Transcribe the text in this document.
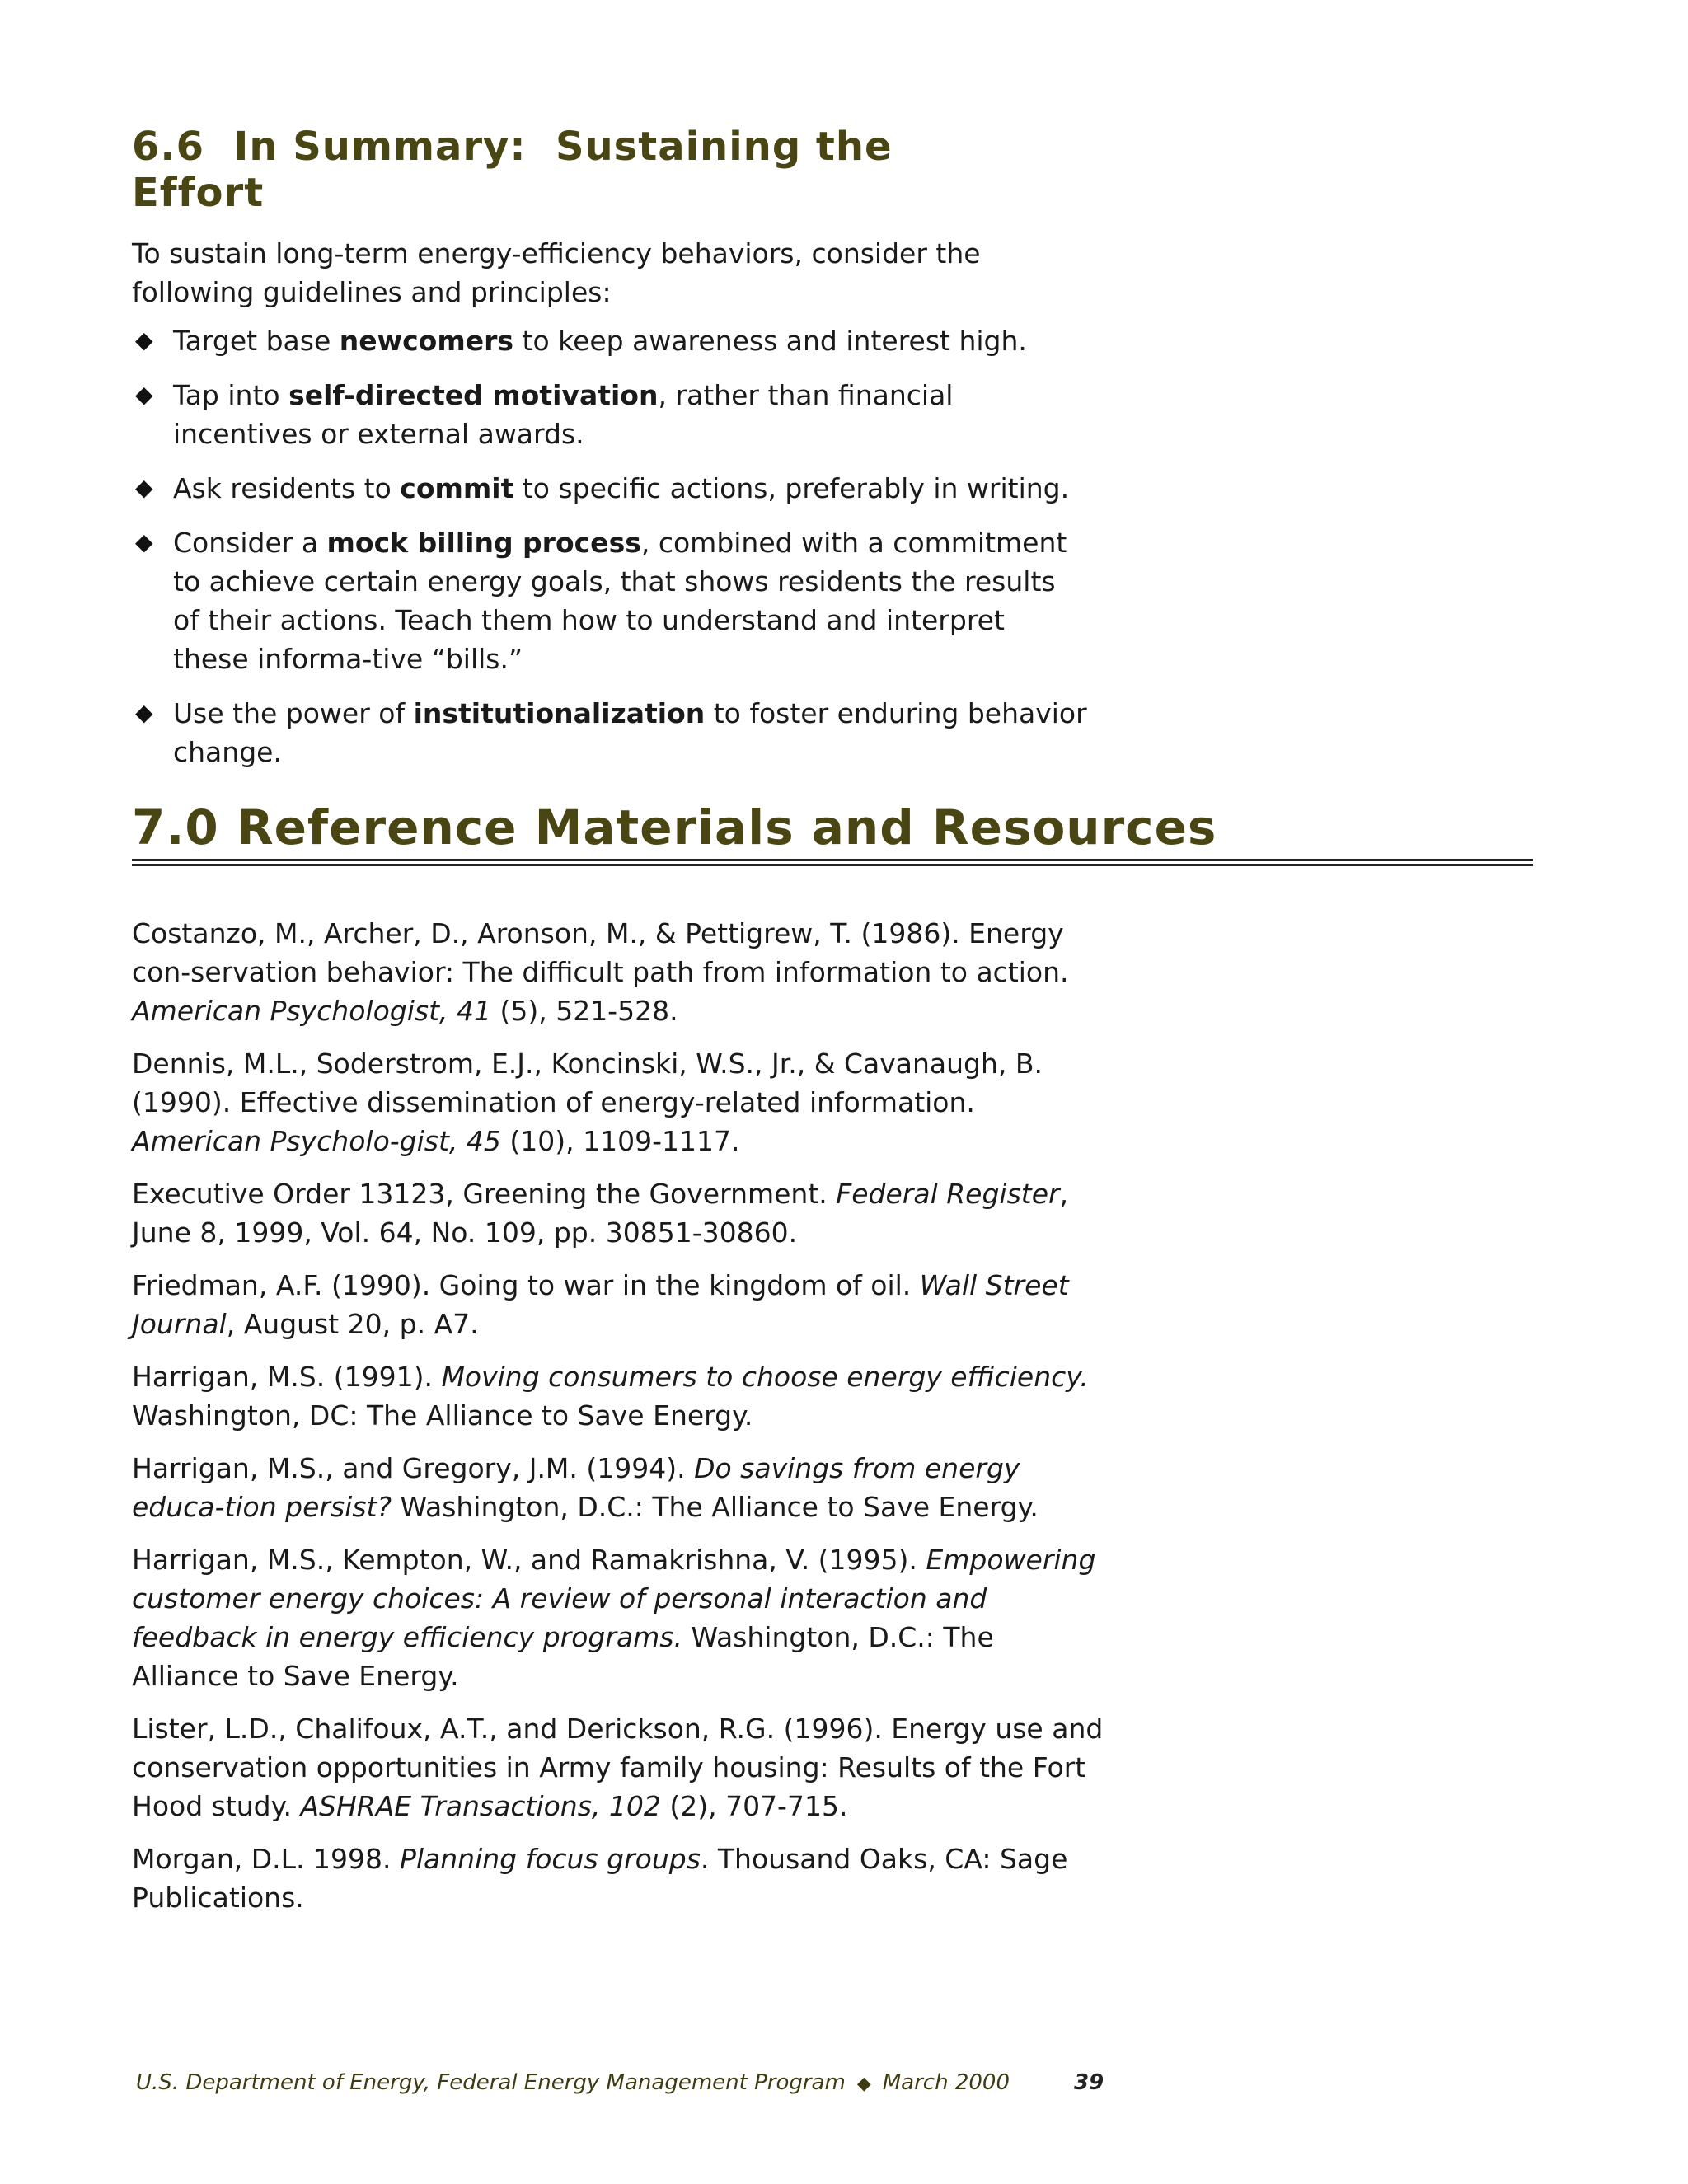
6.6  In Summary:  Sustaining the
Effort

To sustain long-term energy-efficiency behaviors, consider the following guidelines and principles:

◆ Target base newcomers to keep awareness and interest high.
◆ Tap into self-directed motivation, rather than financial incentives or external awards.
◆ Ask residents to commit to specific actions, preferably in writing.
◆ Consider a mock billing process, combined with a commitment to achieve certain energy goals, that shows residents the results of their actions. Teach them how to understand and interpret these informa-tive “bills.”
◆ Use the power of institutionalization to foster enduring behavior change.
7.0 Reference Materials and Resources

Costanzo, M., Archer, D., Aronson, M., & Pettigrew, T. (1986). Energy con-servation behavior: The difficult path from information to action. American Psychologist, 41 (5), 521-528.

Dennis, M.L., Soderstrom, E.J., Koncinski, W.S., Jr., & Cavanaugh, B. (1990). Effective dissemination of energy-related information. American Psycholo-gist, 45 (10), 1109-1117.

Executive Order 13123, Greening the Government. Federal Register, June 8, 1999, Vol. 64, No. 109, pp. 30851-30860.

Friedman, A.F. (1990). Going to war in the kingdom of oil. Wall Street Journal, August 20, p. A7.

Harrigan, M.S. (1991). Moving consumers to choose energy efficiency. Washington, DC: The Alliance to Save Energy.

Harrigan, M.S., and Gregory, J.M. (1994). Do savings from energy educa-tion persist? Washington, D.C.: The Alliance to Save Energy.

Harrigan, M.S., Kempton, W., and Ramakrishna, V. (1995). Empowering customer energy choices: A review of personal interaction and feedback in energy efficiency programs. Washington, D.C.: The Alliance to Save Energy.

Lister, L.D., Chalifoux, A.T., and Derickson, R.G. (1996). Energy use and conservation opportunities in Army family housing: Results of the Fort Hood study. ASHRAE Transactions, 102 (2), 707-715.

Morgan, D.L. 1998. Planning focus groups. Thousand Oaks, CA: Sage Publications.

U.S. Department of Energy, Federal Energy Management Program ◆ March 2000	39
